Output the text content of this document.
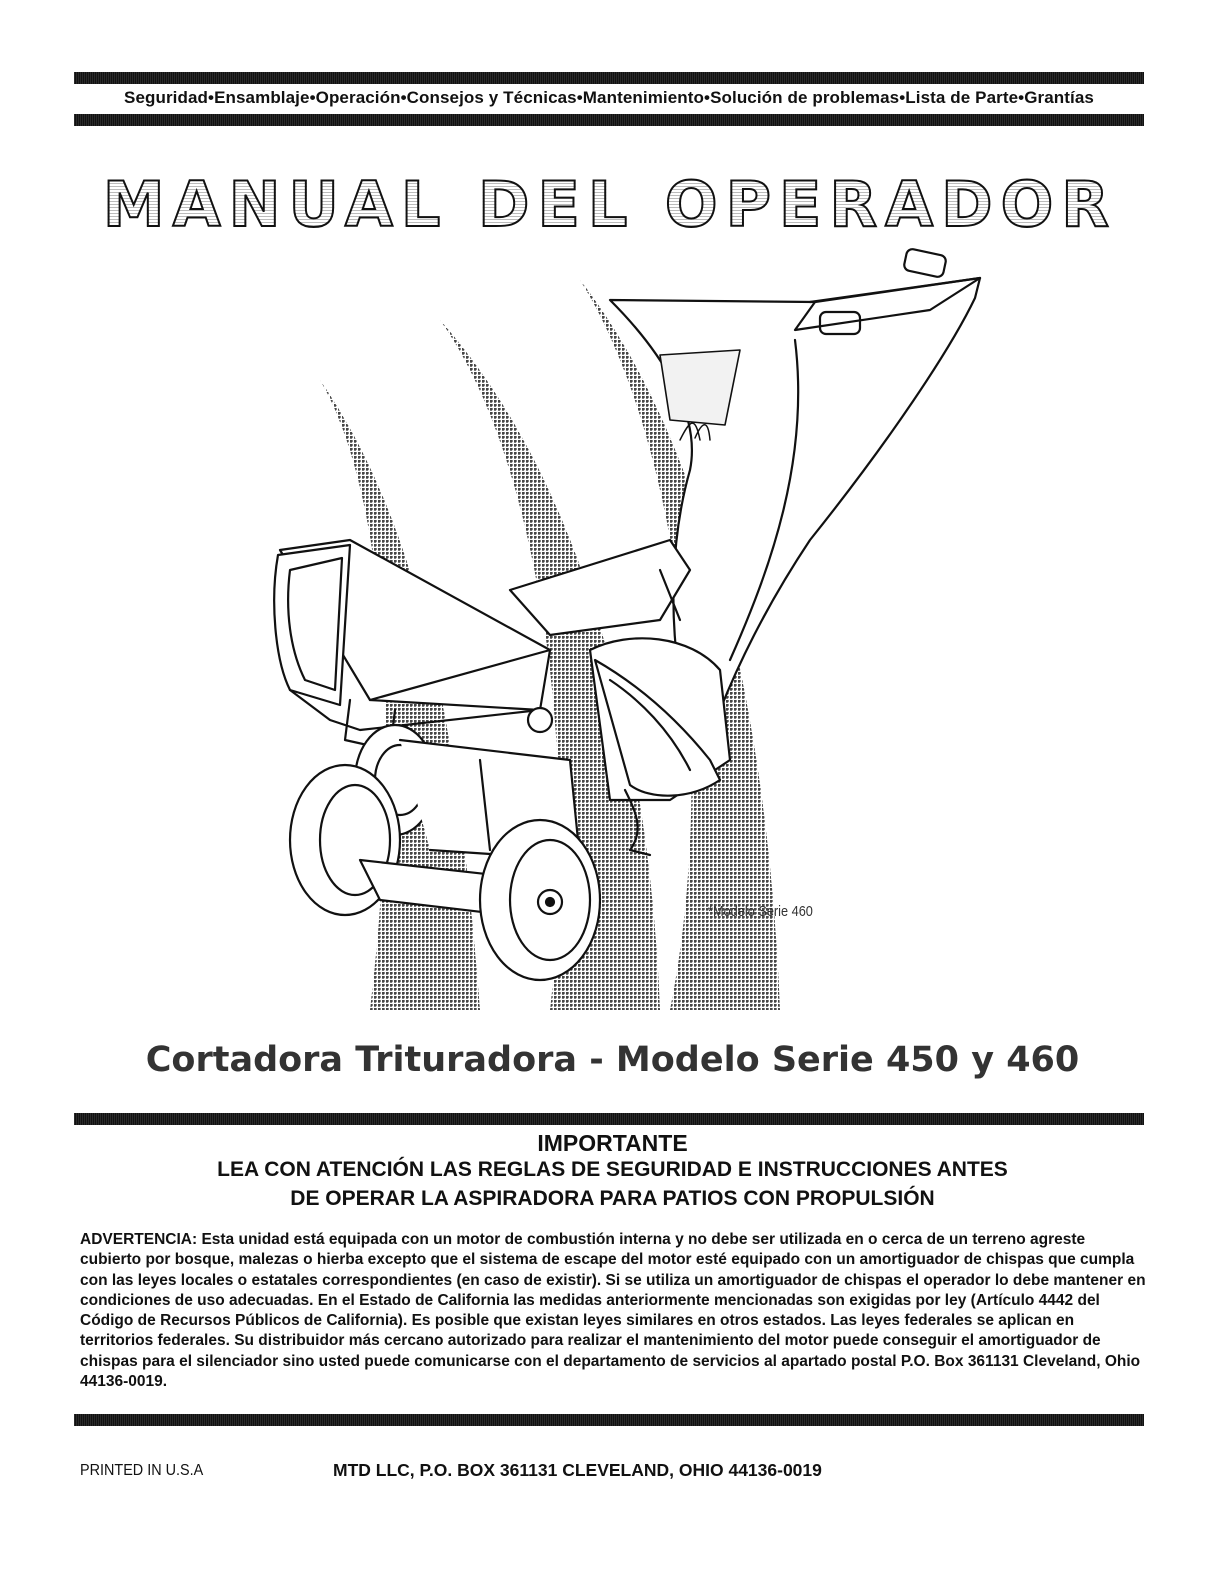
Seguridad•Ensamblaje•Operación•Consejos y Técnicas•Mantenimiento•Solución de problemas•Lista de Parte•Grantías
MANUAL DEL OPERADOR
*Modelo Serie 460
Cortadora Trituradora - Modelo Serie 450 y 460
IMPORTANTE
LEA CON ATENCIÓN LAS REGLAS DE SEGURIDAD E INSTRUCCIONES ANTES
DE OPERAR LA ASPIRADORA PARA PATIOS CON PROPULSIÓN
ADVERTENCIA: Esta unidad está equipada con un motor de combustión interna y no debe ser utilizada en o cerca de un terreno agreste cubierto por bosque, malezas o hierba excepto que el sistema de escape del motor esté equipado con un amortiguador de chispas que cumpla con las leyes locales o estatales correspondientes (en caso de existir). Si se utiliza un amortiguador de chispas el operador lo debe mantener en condiciones de uso adecuadas. En el Estado de California las medidas anteriormente mencionadas son exigidas por ley (Artículo 4442 del Código de Recursos Públicos de California). Es posible que existan leyes similares en otros estados. Las leyes federales se aplican en territorios federales. Su distribuidor más cercano autorizado para realizar el mantenimiento del motor puede conseguir el amortiguador de chispas para el silenciador sino usted puede comunicarse con el departamento de servicios al apartado postal P.O. Box 361131 Cleveland, Ohio 44136-0019.
PRINTED IN U.S.A	MTD LLC, P.O. BOX 361131 CLEVELAND, OHIO 44136-0019
